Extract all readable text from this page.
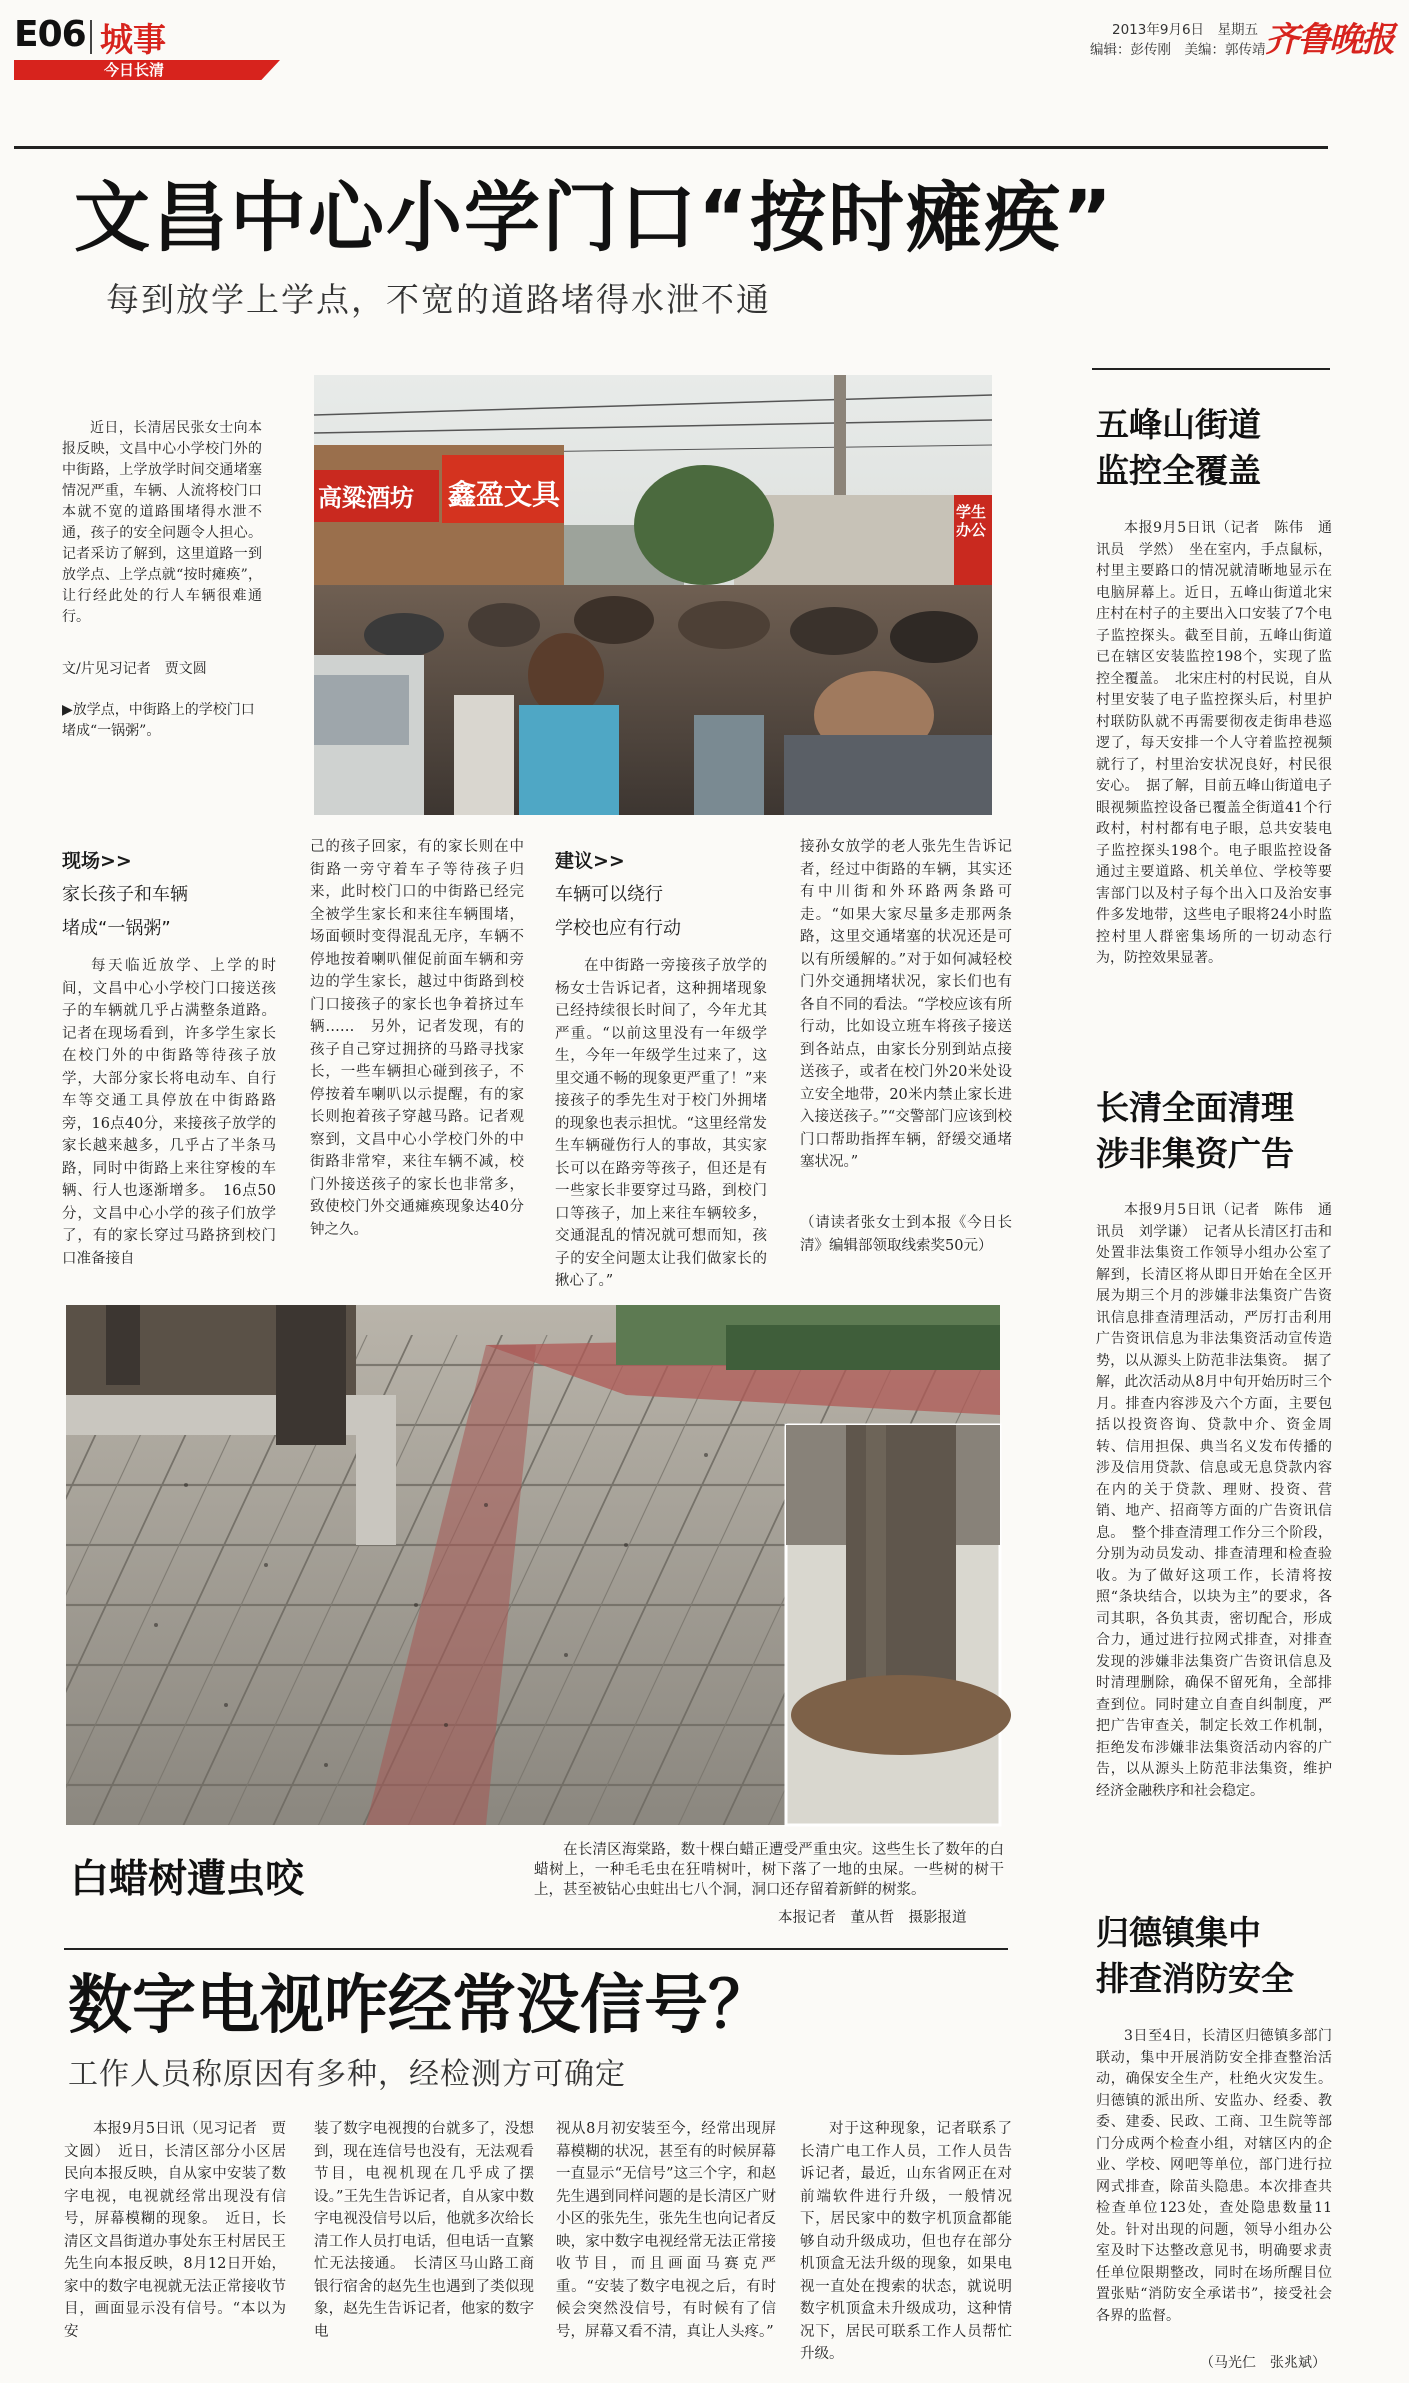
E06 城事
今日长清
2013年9月6日　星期五
编辑：彭传刚　美编：郭传靖 齐鲁晚报
文昌中心小学门口“按时瘫痪”
每到放学上学点，不宽的道路堵得水泄不通

近日，长清居民张女士向本报反映，文昌中心小学校门外的中街路，上学放学时间交通堵塞情况严重，车辆、人流将校门口本就不宽的道路围堵得水泄不通，孩子的安全问题令人担心。记者采访了解到，这里道路一到放学点、上学点就“按时瘫痪”，让行经此处的行人车辆很难通行。

文/片见习记者　贾文圆
▶放学点，中街路上的学校门口堵成“一锅粥”。
高粱酒坊 鑫盈文具
学生办公
现场>>
家长孩子和车辆
堵成“一锅粥”

每天临近放学、上学的时间，文昌中心小学校门口接送孩子的车辆就几乎占满整条道路。记者在现场看到，许多学生家长在校门外的中街路等待孩子放学，大部分家长将电动车、自行车等交通工具停放在中街路路旁，16点40分，来接孩子放学的家长越来越多，几乎占了半条马路，同时中街路上来往穿梭的车辆、行人也逐渐增多。　16点50分，文昌中心小学的孩子们放学了，有的家长穿过马路挤到校门口准备接自

己的孩子回家，有的家长则在中街路一旁守着车子等待孩子归来，此时校门口的中街路已经完全被学生家长和来往车辆围堵，场面顿时变得混乱无序，车辆不停地按着喇叭催促前面车辆和旁边的学生家长，越过中街路到校门口接孩子的家长也争着挤过车辆……　另外，记者发现，有的孩子自己穿过拥挤的马路寻找家长，一些车辆担心碰到孩子，不停按着车喇叭以示提醒，有的家长则抱着孩子穿越马路。记者观察到，文昌中心小学校门外的中街路非常窄，来往车辆不减，校门外接送孩子的家长也非常多，致使校门外交通瘫痪现象达40分钟之久。

建议>>
车辆可以绕行
学校也应有行动

在中街路一旁接孩子放学的杨女士告诉记者，这种拥堵现象已经持续很长时间了，今年尤其严重。“以前这里没有一年级学生，今年一年级学生过来了，这里交通不畅的现象更严重了！”来接孩子的季先生对于校门外拥堵的现象也表示担忧。“这里经常发生车辆碰伤行人的事故，其实家长可以在路旁等孩子，但还是有一些家长非要穿过马路，到校门口等孩子，加上来往车辆较多，交通混乱的情况就可想而知，孩子的安全问题太让我们做家长的揪心了。”

接孙女放学的老人张先生告诉记者，经过中街路的车辆，其实还有中川街和外环路两条路可走。“如果大家尽量多走那两条路，这里交通堵塞的状况还是可以有所缓解的。”对于如何减轻校门外交通拥堵状况，家长们也有各自不同的看法。“学校应该有所行动，比如设立班车将孩子接送到各站点，由家长分别到站点接送孩子，或者在校门外20米处设立安全地带，20米内禁止家长进入接送孩子。”“交警部门应该到校门口帮助指挥车辆，舒缓交通堵塞状况。”

（请读者张女士到本报《今日长清》编辑部领取线索奖50元）

白蜡树遭虫咬

在长清区海棠路，数十棵白蜡正遭受严重虫灾。这些生长了数年的白蜡树上，一种毛毛虫在狂啃树叶，树下落了一地的虫屎。一些树的树干上，甚至被钻心虫蛀出七八个洞，洞口还存留着新鲜的树浆。

本报记者　董从哲　摄影报道
数字电视咋经常没信号？
工作人员称原因有多种，经检测方可确定

本报9月5日讯（见习记者　贾文圆）　近日，长清区部分小区居民向本报反映，自从家中安装了数字电视，电视就经常出现没有信号，屏幕模糊的现象。　近日，长清区文昌街道办事处东王村居民王先生向本报反映，8月12日开始，家中的数字电视就无法正常接收节目，画面显示没有信号。“本以为安

装了数字电视搜的台就多了，没想到，现在连信号也没有，无法观看节目，电视机现在几乎成了摆设。”王先生告诉记者，自从家中数字电视没信号以后，他就多次给长清工作人员打电话，但电话一直繁忙无法接通。　长清区马山路工商银行宿舍的赵先生也遇到了类似现象，赵先生告诉记者，他家的数字电

视从8月初安装至今，经常出现屏幕模糊的状况，甚至有的时候屏幕一直显示“无信号”这三个字，和赵先生遇到同样问题的是长清区广财小区的张先生，张先生也向记者反映，家中数字电视经常无法正常接收节目，而且画面马赛克严重。“安装了数字电视之后，有时候会突然没信号，有时候有了信号，屏幕又看不清，真让人头疼。”

对于这种现象，记者联系了长清广电工作人员，工作人员告诉记者，最近，山东省网正在对前端软件进行升级，一般情况下，居民家中的数字机顶盒都能够自动升级成功，但也存在部分机顶盒无法升级的现象，如果电视一直处在搜索的状态，就说明数字机顶盒未升级成功，这种情况下，居民可联系工作人员帮忙升级。

五峰山街道
监控全覆盖

本报9月5日讯（记者　陈伟　通讯员　学然）　坐在室内，手点鼠标，村里主要路口的情况就清晰地显示在电脑屏幕上。近日，五峰山街道北宋庄村在村子的主要出入口安装了7个电子监控探头。截至目前，五峰山街道已在辖区安装监控198个，实现了监控全覆盖。　北宋庄村的村民说，自从村里安装了电子监控探头后，村里护村联防队就不再需要彻夜走街串巷巡逻了，每天安排一个人守着监控视频就行了，村里治安状况良好，村民很安心。　据了解，目前五峰山街道电子眼视频监控设备已覆盖全街道41个行政村，村村都有电子眼，总共安装电子监控探头198个。电子眼监控设备通过主要道路、机关单位、学校等要害部门以及村子每个出入口及治安事件多发地带，这些电子眼将24小时监控村里人群密集场所的一切动态行为，防控效果显著。

长清全面清理
涉非集资广告

本报9月5日讯（记者　陈伟　通讯员　刘学谦）　记者从长清区打击和处置非法集资工作领导小组办公室了解到，长清区将从即日开始在全区开展为期三个月的涉嫌非法集资广告资讯信息排查清理活动，严厉打击利用广告资讯信息为非法集资活动宣传造势，以从源头上防范非法集资。　据了解，此次活动从8月中旬开始历时三个月。排查内容涉及六个方面，主要包括以投资咨询、贷款中介、资金周转、信用担保、典当名义发布传播的涉及信用贷款、信息或无息贷款内容在内的关于贷款、理财、投资、营销、地产、招商等方面的广告资讯信息。　整个排查清理工作分三个阶段，分别为动员发动、排查清理和检查验收。为了做好这项工作，长清将按照“条块结合，以块为主”的要求，各司其职，各负其责，密切配合，形成合力，通过进行拉网式排查，对排查发现的涉嫌非法集资广告资讯信息及时清理删除，确保不留死角，全部排查到位。同时建立自查自纠制度，严把广告审查关，制定长效工作机制，拒绝发布涉嫌非法集资活动内容的广告，以从源头上防范非法集资，维护经济金融秩序和社会稳定。

归德镇集中
排查消防安全

3日至4日，长清区归德镇多部门联动，集中开展消防安全排查整治活动，确保安全生产，杜绝火灾发生。归德镇的派出所、安监办、经委、教委、建委、民政、工商、卫生院等部门分成两个检查小组，对辖区内的企业、学校、网吧等单位，部门进行拉网式排查，除苗头隐患。本次排查共检查单位123处，查处隐患数量11处。针对出现的问题，领导小组办公室及时下达整改意见书，明确要求责任单位限期整改，同时在场所醒目位置张贴“消防安全承诺书”，接受社会各界的监督。

（马光仁　张兆斌）
